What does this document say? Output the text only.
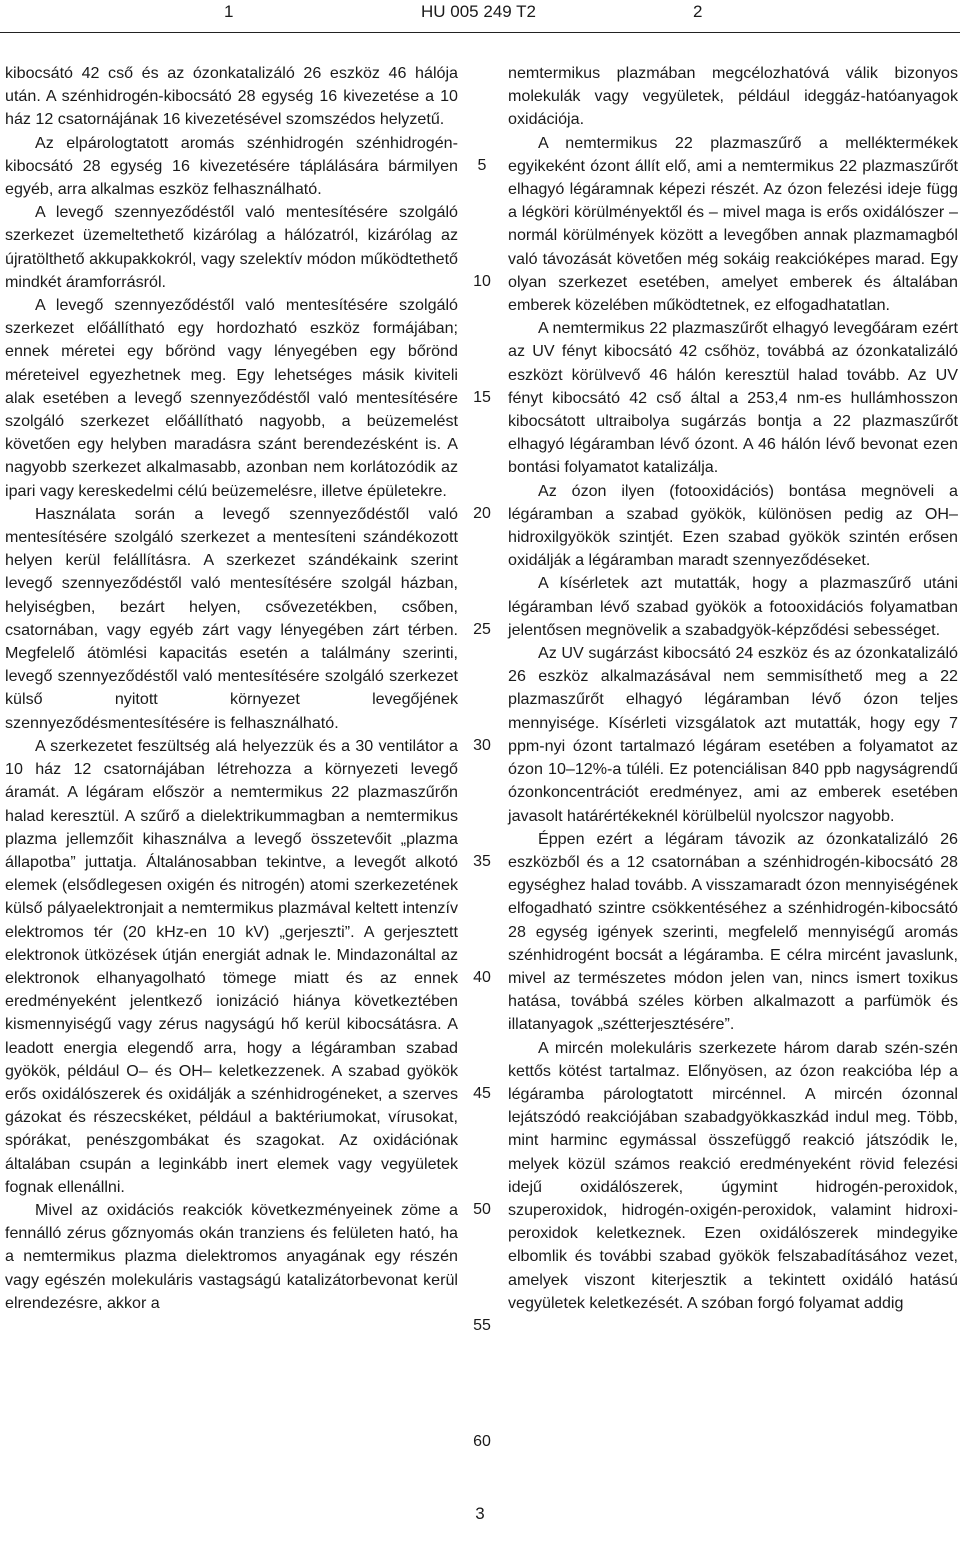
1	HU 005 249 T2	2

kibocsátó 42 cső és az ózonkatalizáló 26 eszköz 46 hálója után. A szénhidrogén-kibocsátó 28 egység 16 kivezetése a 10 ház 12 csatornájának 16 kivezetésével szomszédos helyzetű.

Az elpárologtatott aromás szénhidrogén szénhidrogén-kibocsátó 28 egység 16 kivezetésére táplálására bármilyen egyéb, arra alkalmas eszköz felhasználható.

A levegő szennyeződéstől való mentesítésére szolgáló szerkezet üzemeltethető kizárólag a hálózatról, kizárólag az újratölthető akkupakkokról, vagy szelektív módon működtethető mindkét áramforrásról.

A levegő szennyeződéstől való mentesítésére szolgáló szerkezet előállítható egy hordozható eszköz formájában; ennek méretei egy bőrönd vagy lényegében egy bőrönd méreteivel egyezhetnek meg. Egy lehetséges másik kiviteli alak esetében a levegő szennyeződéstől való mentesítésére szolgáló szerkezet előállítható nagyobb, a beüzemelést követően egy helyben maradásra szánt berendezésként is. A nagyobb szerkezet alkalmasabb, azonban nem korlátozódik az ipari vagy kereskedelmi célú beüzemelésre, illetve épületekre.

Használata során a levegő szennyeződéstől való mentesítésére szolgáló szerkezet a mentesíteni szándékozott helyen kerül felállításra. A szerkezet szándékaink szerint levegő szennyeződéstől való mentesítésére szolgál házban, helyiségben, bezárt helyen, csővezetékben, csőben, csatornában, vagy egyéb zárt vagy lényegében zárt térben. Megfelelő átömlési kapacitás esetén a találmány szerinti, levegő szennyeződéstől való mentesítésére szolgáló szerkezet külső nyitott környezet levegőjének szennyeződésmentesítésére is felhasználható.

A szerkezetet feszültség alá helyezzük és a 30 ventilátor a 10 ház 12 csatornájában létrehozza a környezeti levegő áramát. A légáram először a nemtermikus 22 plazmaszűrőn halad keresztül. A szűrő a dielektrikummagban a nemtermikus plazma jellemzőit kihasználva a levegő összetevőit „plazma állapotba” juttatja. Általánosabban tekintve, a levegőt alkotó elemek (elsődlegesen oxigén és nitrogén) atomi szerkezetének külső pályaelektronjait a nemtermikus plazmával keltett intenzív elektromos tér (20 kHz-en 10 kV) „gerjeszti”. A gerjesztett elektronok ütközések útján energiát adnak le. Mindazonáltal az elektronok elhanyagolható tömege miatt és az ennek eredményeként jelentkező ionizáció hiánya következtében kismennyiségű vagy zérus nagyságú hő kerül kibocsátásra. A leadott energia elegendő arra, hogy a légáramban szabad gyökök, például O– és OH– keletkezzenek. A szabad gyökök erős oxidálószerek és oxidálják a szénhidrogéneket, a szerves gázokat és részecskéket, például a baktériumokat, vírusokat, spórákat, penészgombákat és szagokat. Az oxidációnak általában csupán a leginkább inert elemek vagy vegyületek fognak ellenállni.

Mivel az oxidációs reakciók következményeinek zöme a fennálló zérus gőznyomás okán tranziens és felületen ható, ha a nemtermikus plazma dielektromos anyagának egy részén vagy egészén molekuláris vastagságú katalizátorbevonat kerül elrendezésre, akkor a

nemtermikus plazmában megcélozhatóvá válik bizonyos molekulák vagy vegyületek, például ideggáz-hatóanyagok oxidációja.

A nemtermikus 22 plazmaszűrő a melléktermékek egyikeként ózont állít elő, ami a nemtermikus 22 plazmaszűrőt elhagyó légáramnak képezi részét. Az ózon felezési ideje függ a légköri körülményektől és – mivel maga is erős oxidálószer – normál körülmények között a levegőben annak plazmamagból való távozását követően még sokáig reakcióképes marad. Egy olyan szerkezet esetében, amelyet emberek és általában emberek közelében működtetnek, ez elfogadhatatlan.

A nemtermikus 22 plazmaszűrőt elhagyó levegőáram ezért az UV fényt kibocsátó 42 csőhöz, továbbá az ózonkatalizáló eszközt körülvevő 46 hálón keresztül halad tovább. Az UV fényt kibocsátó 42 cső által a 253,4 nm-es hullámhosszon kibocsátott ultraibolya sugárzás bontja a 22 plazmaszűrőt elhagyó légáramban lévő ózont. A 46 hálón lévő bevonat ezen bontási folyamatot katalizálja.

Az ózon ilyen (fotooxidációs) bontása megnöveli a légáramban a szabad gyökök, különösen pedig az OH– hidroxilgyökök szintjét. Ezen szabad gyökök szintén erősen oxidálják a légáramban maradt szennyeződéseket.

A kísérletek azt mutatták, hogy a plazmaszűrő utáni légáramban lévő szabad gyökök a fotooxidációs folyamatban jelentősen megnövelik a szabadgyök-képződési sebességet.

Az UV sugárzást kibocsátó 24 eszköz és az ózonkatalizáló 26 eszköz alkalmazásával nem semmisíthető meg a 22 plazmaszűrőt elhagyó légáramban lévő ózon teljes mennyisége. Kísérleti vizsgálatok azt mutatták, hogy egy 7 ppm-nyi ózont tartalmazó légáram esetében a folyamatot az ózon 10–12%-a túléli. Ez potenciálisan 840 ppb nagyságrendű ózonkoncentrációt eredményez, ami az emberek esetében javasolt határértékeknél körülbelül nyolcszor nagyobb.

Éppen ezért a légáram távozik az ózonkatalizáló 26 eszközből és a 12 csatornában a szénhidrogén-kibocsátó 28 egységhez halad tovább. A visszamaradt ózon mennyiségének elfogadható szintre csökkentéséhez a szénhidrogén-kibocsátó 28 egység igények szerinti, megfelelő mennyiségű aromás szénhidrogént bocsát a légáramba. E célra mircént javaslunk, mivel az természetes módon jelen van, nincs ismert toxikus hatása, továbbá széles körben alkalmazott a parfümök és illatanyagok „szétterjesztésére”.

A mircén molekuláris szerkezete három darab szén-szén kettős kötést tartalmaz. Előnyösen, az ózon reakcióba lép a légáramba párologtatott mircénnel. A mircén ózonnal lejátszódó reakciójában szabadgyökkaszkád indul meg. Több, mint harminc egymással összefüggő reakció játszódik le, melyek közül számos reakció eredményeként rövid felezési idejű oxidálószerek, úgymint hidrogén-peroxidok, szuperoxidok, hidrogén-oxigén-peroxidok, valamint hidroxi-peroxidok keletkeznek. Ezen oxidálószerek mindegyike elbomlik és további szabad gyökök felszabadításához vezet, amelyek viszont kiterjesztik a tekintett oxidáló hatású vegyületek keletkezését. A szóban forgó folyamat addig

5
10
15
20
25
30
35
40
45
50
55
60
3
